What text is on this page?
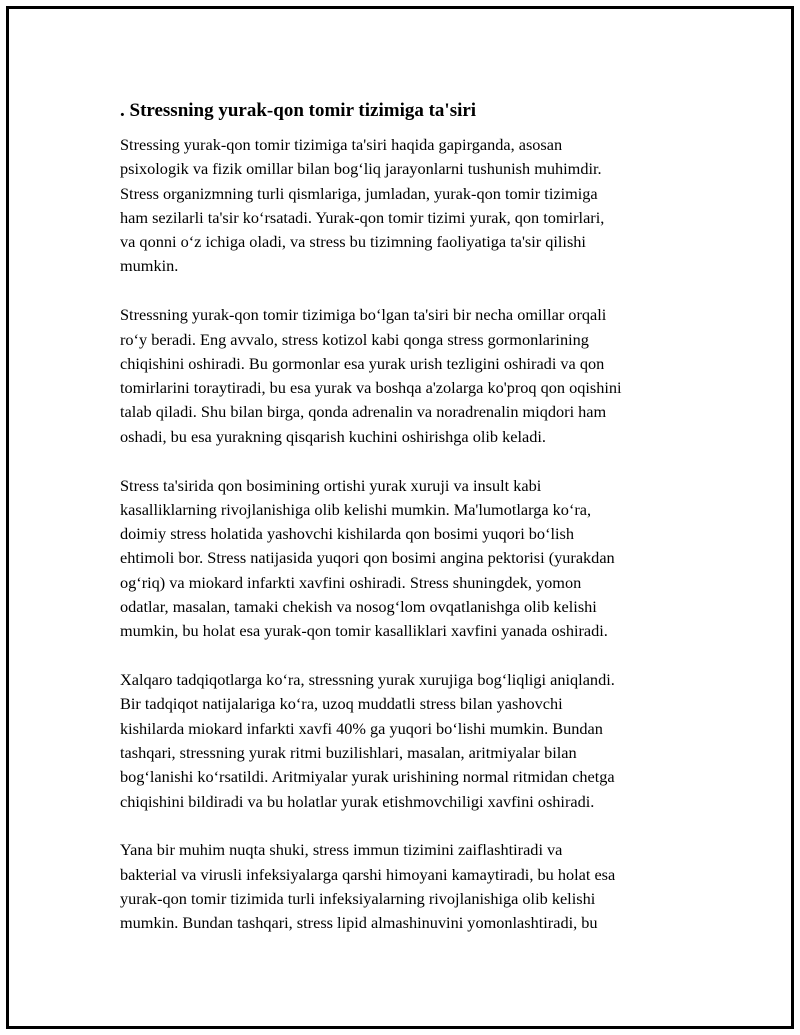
. Stressning yurak-qon tomir tizimiga ta'siri
Stressing yurak-qon tomir tizimiga ta'siri haqida gapirganda, asosan
psixologik va fizik omillar bilan bog‘liq jarayonlarni tushunish muhimdir.
Stress organizmning turli qismlariga, jumladan, yurak-qon tomir tizimiga
ham sezilarli ta'sir ko‘rsatadi. Yurak-qon tomir tizimi yurak, qon tomirlari,
va qonni o‘z ichiga oladi, va stress bu tizimning faoliyatiga ta'sir qilishi
mumkin.
Stressning yurak-qon tomir tizimiga bo‘lgan ta'siri bir necha omillar orqali
ro‘y beradi. Eng avvalo, stress kotizol kabi qonga stress gormonlarining
chiqishini oshiradi. Bu gormonlar esa yurak urish tezligini oshiradi va qon
tomirlarini toraytiradi, bu esa yurak va boshqa a'zolarga ko'proq qon oqishini
talab qiladi. Shu bilan birga, qonda adrenalin va noradrenalin miqdori ham
oshadi, bu esa yurakning qisqarish kuchini oshirishga olib keladi.
Stress ta'sirida qon bosimining ortishi yurak xuruji va insult kabi
kasalliklarning rivojlanishiga olib kelishi mumkin. Ma'lumotlarga ko‘ra,
doimiy stress holatida yashovchi kishilarda qon bosimi yuqori bo‘lish
ehtimoli bor. Stress natijasida yuqori qon bosimi angina pektorisi (yurakdan
og‘riq) va miokard infarkti xavfini oshiradi. Stress shuningdek, yomon
odatlar, masalan, tamaki chekish va nosog‘lom ovqatlanishga olib kelishi
mumkin, bu holat esa yurak-qon tomir kasalliklari xavfini yanada oshiradi.
Xalqaro tadqiqotlarga ko‘ra, stressning yurak xurujiga bog‘liqligi aniqlandi.
Bir tadqiqot natijalariga ko‘ra, uzoq muddatli stress bilan yashovchi
kishilarda miokard infarkti xavfi 40% ga yuqori bo‘lishi mumkin. Bundan
tashqari, stressning yurak ritmi buzilishlari, masalan, aritmiyalar bilan
bog‘lanishi ko‘rsatildi. Aritmiyalar yurak urishining normal ritmidan chetga
chiqishini bildiradi va bu holatlar yurak etishmovchiligi xavfini oshiradi.
Yana bir muhim nuqta shuki, stress immun tizimini zaiflashtiradi va
bakterial va virusli infeksiyalarga qarshi himoyani kamaytiradi, bu holat esa
yurak-qon tomir tizimida turli infeksiyalarning rivojlanishiga olib kelishi
mumkin. Bundan tashqari, stress lipid almashinuvini yomonlashtiradi, bu
